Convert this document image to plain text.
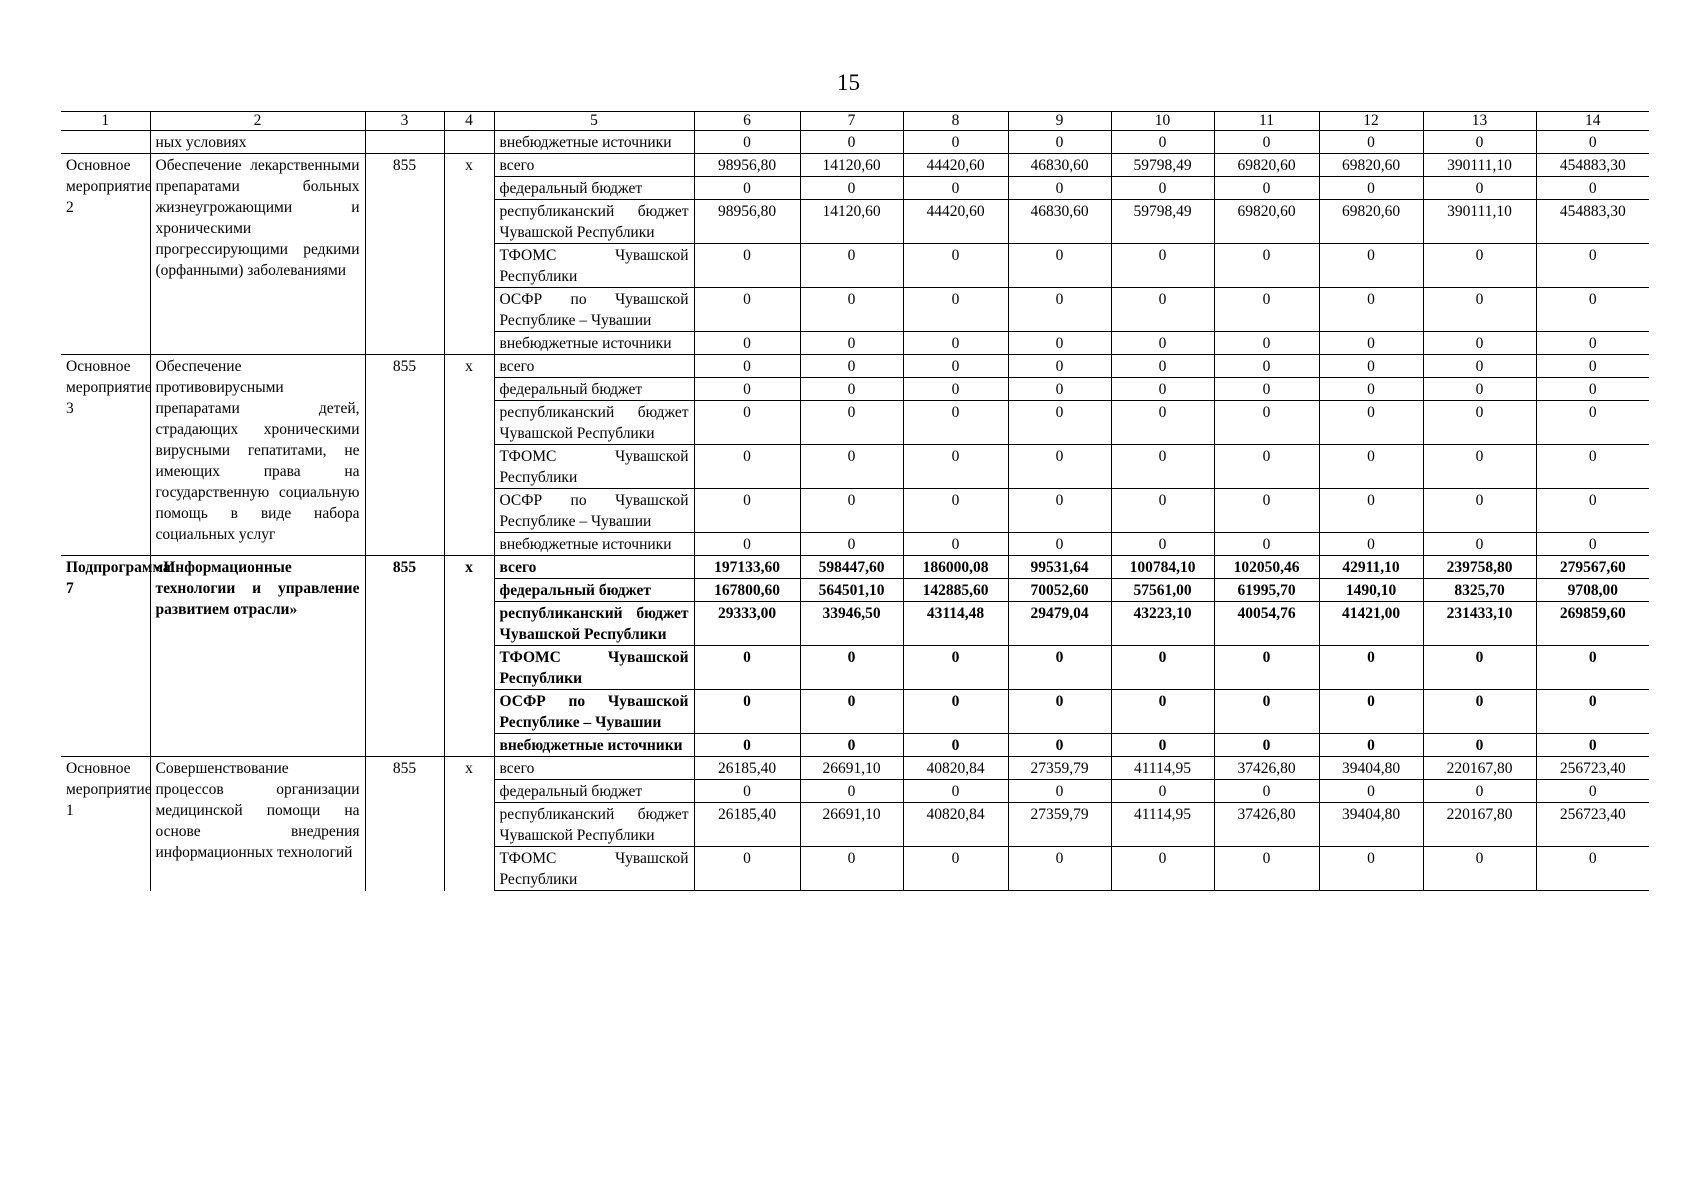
15
1	2	3	4	5	6	7	8	9	10	11	12	13	14
	ных условиях			внебюджетные источники	0	0	0	0	0	0	0	0	0
Основное мероприятие 2	Обеспечение лекарственными препаратами больных жизнеугрожающими и хроническими прогрессирующими редкими (орфанными) заболеваниями	855	х	всего	98956,80	14120,60	44420,60	46830,60	59798,49	69820,60	69820,60	390111,10	454883,30
				федеральный бюджет	0	0	0	0	0	0	0	0	0
				республиканский бюджет Чувашской Республики	98956,80	14120,60	44420,60	46830,60	59798,49	69820,60	69820,60	390111,10	454883,30
				ТФОМС Чувашской Республики	0	0	0	0	0	0	0	0	0
				ОСФР по Чувашской Республике – Чувашии	0	0	0	0	0	0	0	0	0
				внебюджетные источники	0	0	0	0	0	0	0	0	0
Основное мероприятие 3	Обеспечение противовирусными препаратами детей, страдающих хроническими вирусными гепатитами, не имеющих права на государственную социальную помощь в виде набора социальных услуг	855	х	всего	0	0	0	0	0	0	0	0	0
				федеральный бюджет	0	0	0	0	0	0	0	0	0
				республиканский бюджет Чувашской Республики	0	0	0	0	0	0	0	0	0
				ТФОМС Чувашской Республики	0	0	0	0	0	0	0	0	0
				ОСФР по Чувашской Республике – Чувашии	0	0	0	0	0	0	0	0	0
				внебюджетные источники	0	0	0	0	0	0	0	0	0
Подпрограмма 7	«Информационные технологии и управление развитием отрасли»	855	х	всего	197133,60	598447,60	186000,08	99531,64	100784,10	102050,46	42911,10	239758,80	279567,60
				федеральный бюджет	167800,60	564501,10	142885,60	70052,60	57561,00	61995,70	1490,10	8325,70	9708,00
				республиканский бюджет Чувашской Республики	29333,00	33946,50	43114,48	29479,04	43223,10	40054,76	41421,00	231433,10	269859,60
				ТФОМС Чувашской Республики	0	0	0	0	0	0	0	0	0
				ОСФР по Чувашской Республике – Чувашии	0	0	0	0	0	0	0	0	0
				внебюджетные источники	0	0	0	0	0	0	0	0	0
Основное мероприятие 1	Совершенствование процессов организации медицинской помощи на основе внедрения информационных технологий	855	х	всего	26185,40	26691,10	40820,84	27359,79	41114,95	37426,80	39404,80	220167,80	256723,40
				федеральный бюджет	0	0	0	0	0	0	0	0	0
				республиканский бюджет Чувашской Республики	26185,40	26691,10	40820,84	27359,79	41114,95	37426,80	39404,80	220167,80	256723,40
				ТФОМС Чувашской Республики	0	0	0	0	0	0	0	0	0
